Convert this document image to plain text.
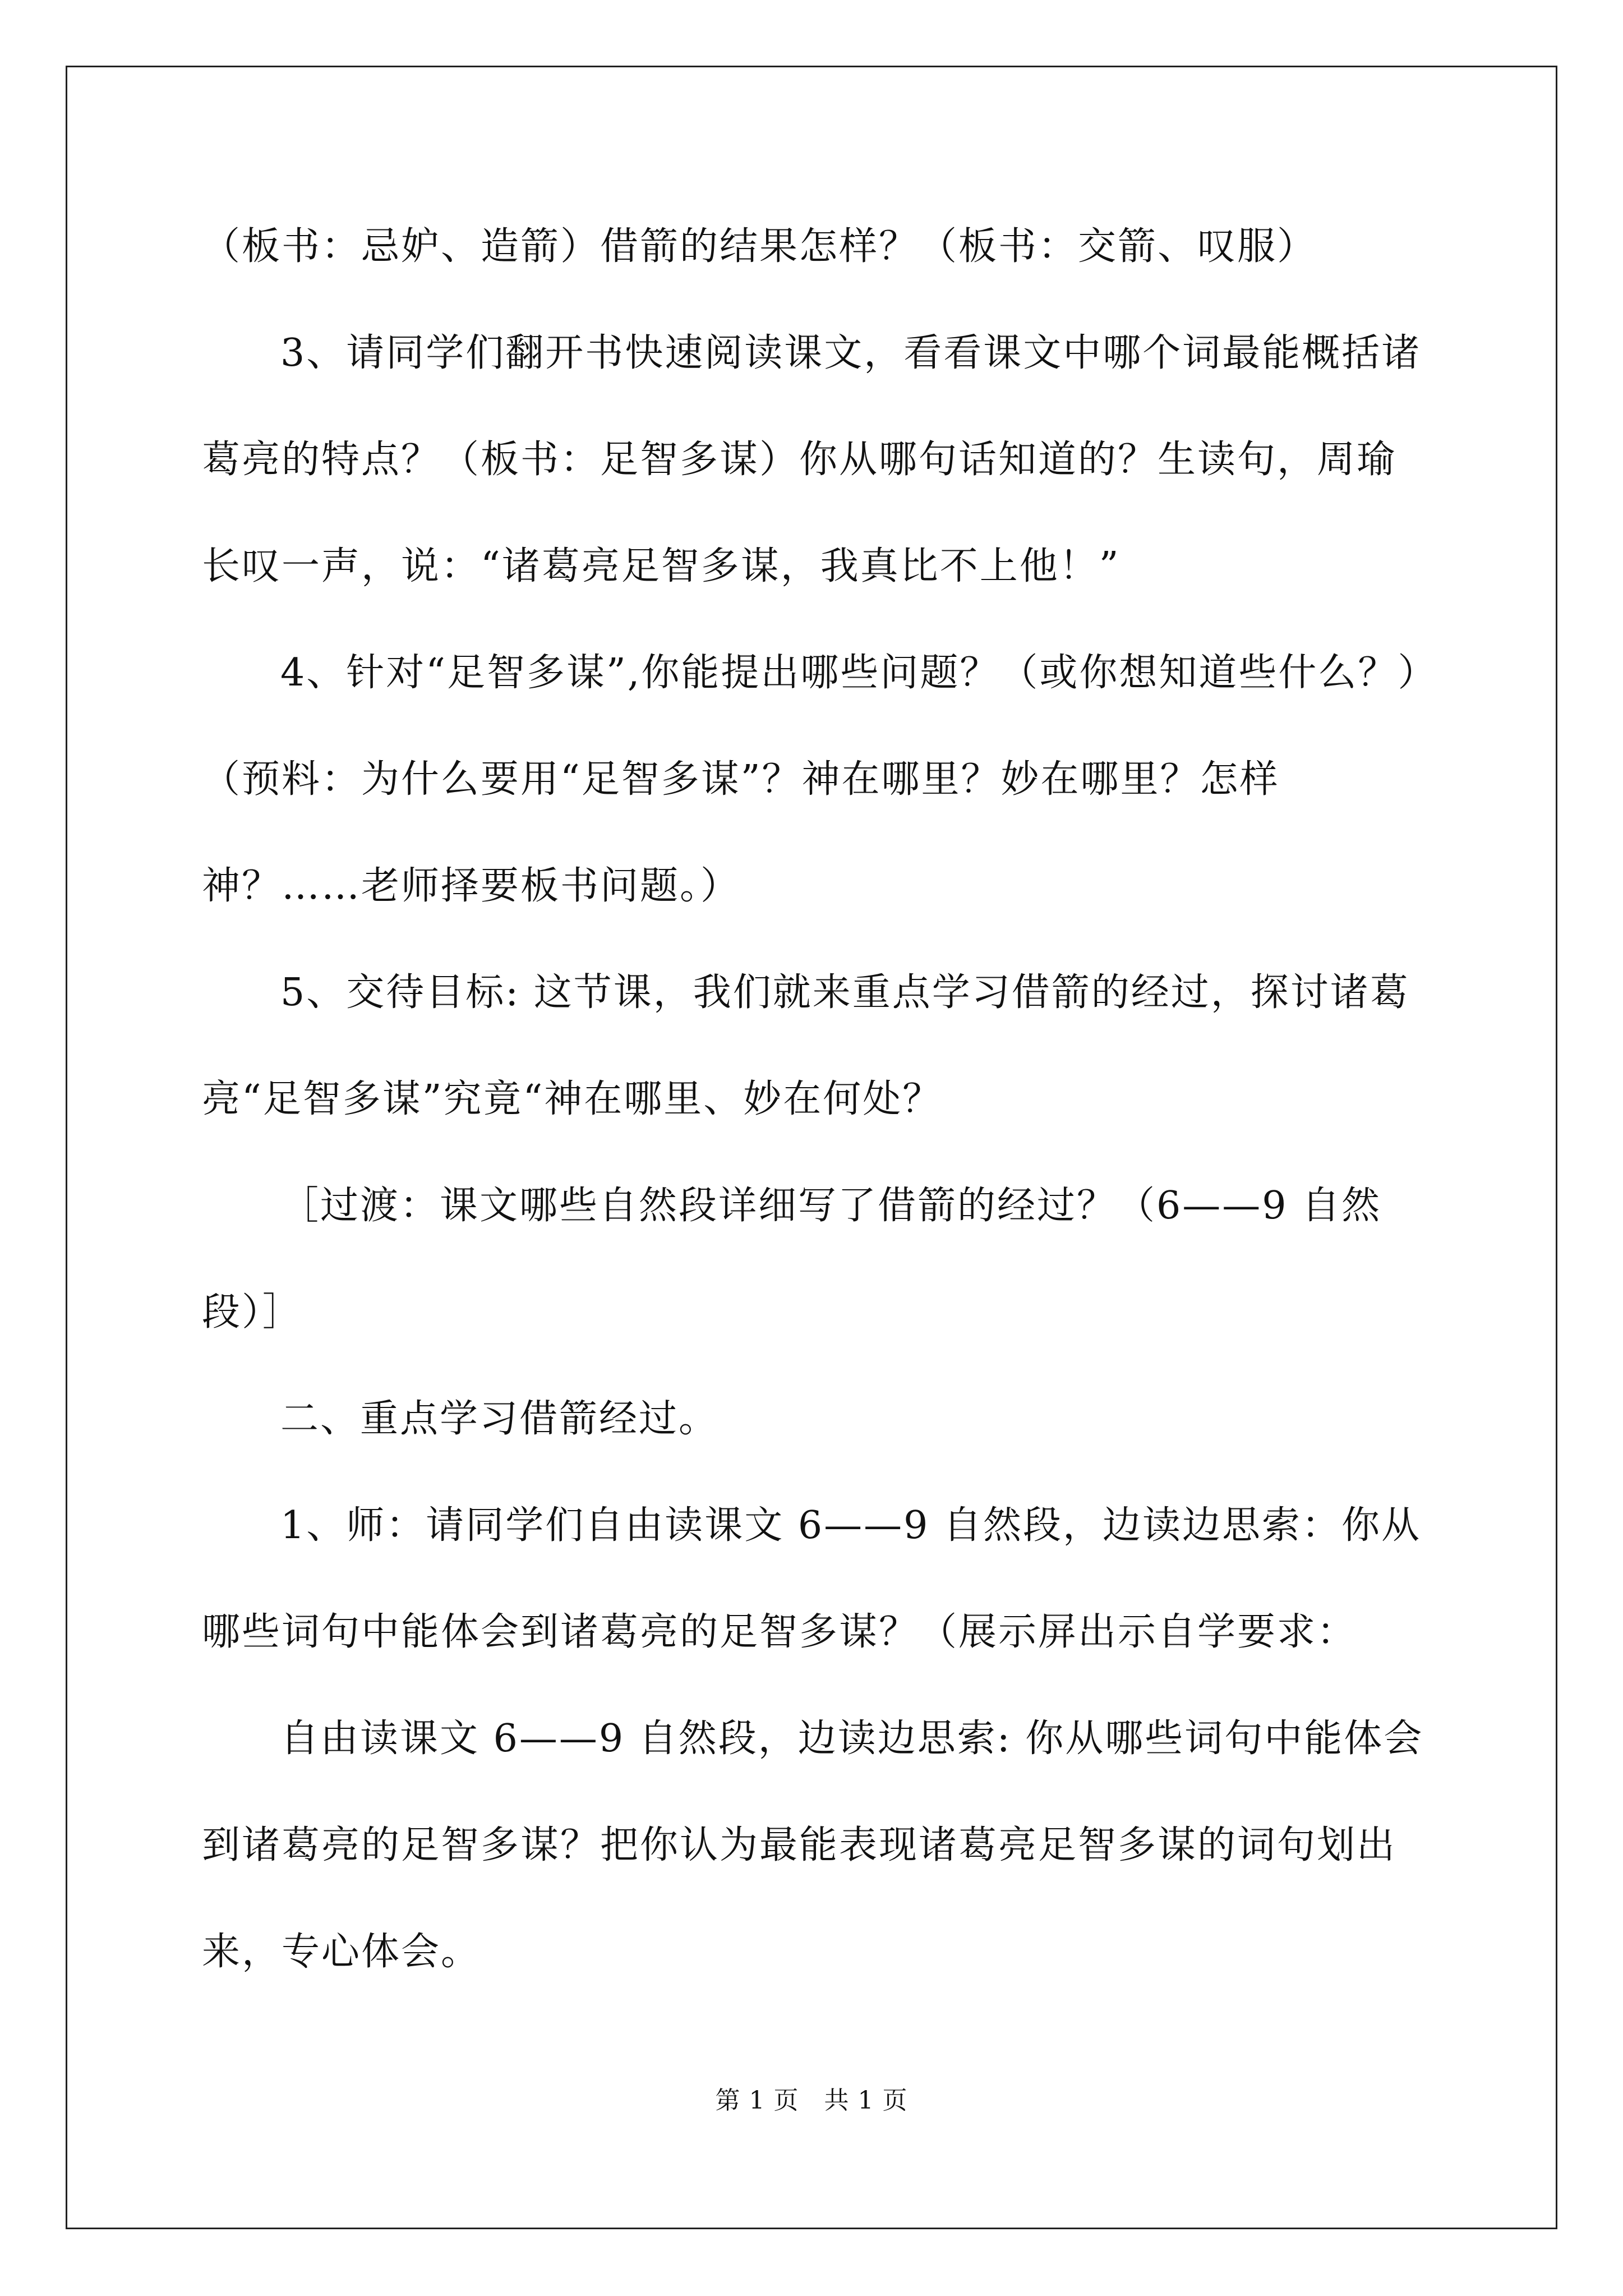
（板书：忌妒、造箭）借箭的结果怎样？（板书：交箭、叹服）
3、请同学们翻开书快速阅读课文，看看课文中哪个词最能概括诸
葛亮的特点？（板书：足智多谋）你从哪句话知道的？生读句，周瑜
长叹一声，说：“诸葛亮足智多谋，我真比不上他！”
4、针对“足智多谋”,你能提出哪些问题？（或你想知道些什么？）
（预料：为什么要用“足智多谋”？神在哪里？妙在哪里？怎样
神？……老师择要板书问题。）
5、交待目标: 这节课，我们就来重点学习借箭的经过，探讨诸葛
亮“足智多谋”究竟“神在哪里、妙在何处？
［过渡：课文哪些自然段详细写了借箭的经过？（6——9 自然
段）］
二、重点学习借箭经过。
1、师：请同学们自由读课文 6——9 自然段，边读边思索：你从
哪些词句中能体会到诸葛亮的足智多谋？（展示屏出示自学要求：
自由读课文 6——9 自然段，边读边思索: 你从哪些词句中能体会
到诸葛亮的足智多谋？把你认为最能表现诸葛亮足智多谋的词句划出
来，专心体会。
第 1 页　共 1 页
